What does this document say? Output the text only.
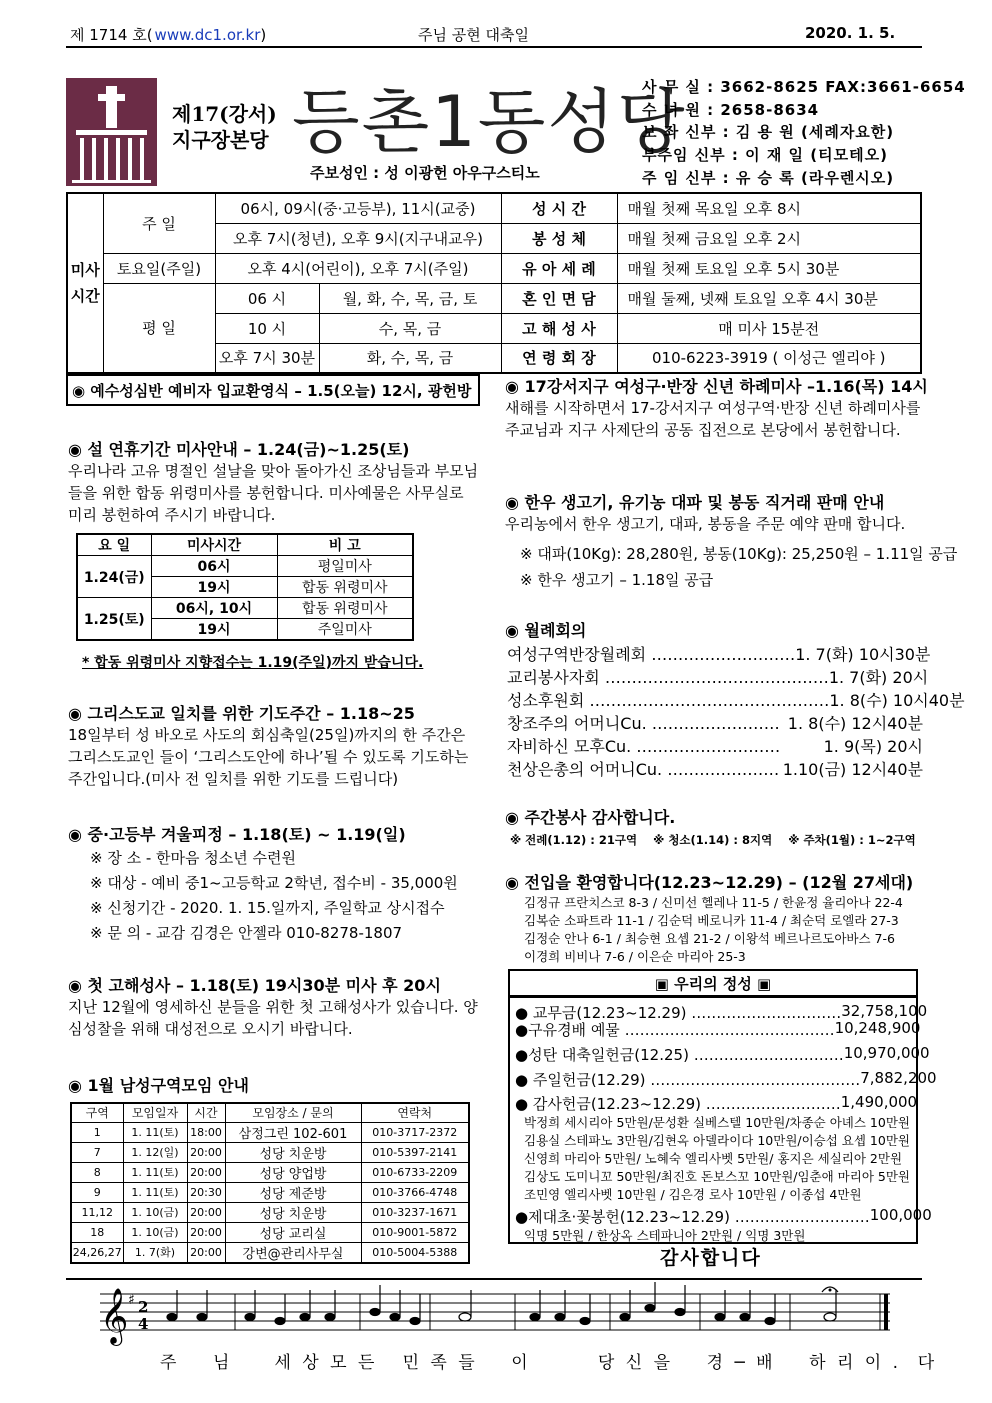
제 1714 호( www.dc1.or.kr)	주님 공현 대축일	2020. 1. 5.
제17(강서)
지구장본당 등촌1동성당
주보성인 : 성 이광헌 아우구스티노
사 무 실 : 3662-8625 FAX:3661-6654
수 녀 원 : 2658-8634
보 좌 신부 : 김 용 원 (세례자요한)
부주임 신부 : 이 재 일 (티모테오)
주 임 신부 : 유 승 록 (라우렌시오)
미사시간	주 일	06시, 09시(중·고등부), 11시(교중)		성 시 간	매월 첫째 목요일 오후 8시
		오후 7시(청년), 오후 9시(지구내교우)		봉 성 체	매월 첫째 금요일 오후 2시
	토요일(주일)	오후 4시(어린이), 오후 7시(주일)		유 아 세 례	매월 첫째 토요일 오후 5시 30분
	평 일	06 시	월, 화, 수, 목, 금, 토	혼 인 면 담	매월 둘째, 넷째 토요일 오후 4시 30분
		10 시	수, 목, 금	고 해 성 사	매 미사 15분전
		오후 7시 30분	화, 수, 목, 금	연 령 회 장	010-6223-3919 ( 이성근 엘리야 )
◉ 예수성심반 예비자 입교환영식 – 1.5(오늘) 12시, 광헌방
◉ 설 연휴기간 미사안내 – 1.24(금)~1.25(토)
우리나라 고유 명절인 설날을 맞아 돌아가신 조상님들과 부모님들을 위한 합동 위령미사를 봉헌합니다. 미사예물은 사무실로 미리 봉헌하여 주시기 바랍니다.
요 일	미사시간	비 고
1.24(금)	06시	평일미사
	19시	합동 위령미사
1.25(토)	06시, 10시	합동 위령미사
	19시	주일미사
* 합동 위령미사 지향접수는 1.19(주일)까지 받습니다.
◉ 그리스도교 일치를 위한 기도주간 – 1.18~25
18일부터 성 바오로 사도의 회심축일(25일)까지의 한 주간은 그리스도교인 들이 ‘그리스도안에 하나’될 수 있도록 기도하는 주간입니다.(미사 전 일치를 위한 기도를 드립니다)
◉ 중·고등부 겨울피정 – 1.18(토) ~ 1.19(일)
※ 장 소 - 한마음 청소년 수련원
※ 대상 - 예비 중1~고등학교 2학년, 접수비 - 35,000원
※ 신청기간 - 2020. 1. 15.일까지, 주일학교 상시접수
※ 문 의 - 교감 김경은 안젤라 010-8278-1807
◉ 첫 고해성사 – 1.18(토) 19시30분 미사 후 20시
지난 12월에 영세하신 분들을 위한 첫 고해성사가 있습니다. 양심성찰을 위해 대성전으로 오시기 바랍니다.
◉ 1월 남성구역모임 안내
구역	모임일자	시간	모임장소 / 문의	연락처
1	1. 11(토)	18:00	삼정그린 102-601	010-3717-2372
7	1. 12(일)	20:00	성당 치운방	010-5397-2141
8	1. 11(토)	20:00	성당 양업방	010-6733-2209
9	1. 11(토)	20:30	성당 제준방	010-3766-4748
11,12	1. 10(금)	20:00	성당 치운방	010-3237-1671
18	1. 10(금)	20:00	성당 교리실	010-9001-5872
24,26,27	1. 7(화)	20:00	강변@관리사무실	010-5004-5388
◉ 17강서지구 여성구·반장 신년 하례미사 –1.16(목) 14시
새해를 시작하면서 17-강서지구 여성구역·반장 신년 하례미사를 주교님과 지구 사제단의 공동 집전으로 본당에서 봉헌합니다.
◉ 한우 생고기, 유기농 대파 및 봉동 직거래 판매 안내
우리농에서 한우 생고기, 대파, 봉동을 주문 예약 판매 합니다.
※ 대파(10Kg): 28,280원, 봉동(10Kg): 25,250원 – 1.11일 공급
※ 한우 생고기 – 1.18일 공급
◉ 월례회의
여성구역반장월례회 ……………………… 1. 7(화) 10시30분
교리봉사자회 …………………………………… 1. 7(화) 20시
성소후원회 ……………………………………… 1. 8(수) 10시40분
창조주의 어머니Cu. …………………… 1. 8(수) 12시40분
자비하신 모후Cu. ………………………	1. 9(목) 20시
천상은총의 어머니Cu. ………………… 1.10(금) 12시40분
◉ 주간봉사 감사합니다.
※ 전례(1.12) : 21구역    ※ 청소(1.14) : 8지역    ※ 주차(1월) : 1~2구역
◉ 전입을 환영합니다(12.23~12.29) – (12월 27세대)
김정규 프란치스코 8-3 / 신미선 헬레나 11-5 / 한윤정 율리아나 22-4
김복순 소파트라 11-1 / 김순덕 베로니카 11-4 / 최순덕 로엘라 27-3
김정순 안나 6-1 / 최승현 요셉 21-2 / 이왕석 베르나르도아바스 7-6
이경희 비비나 7-6 / 이은순 마리아 25-3
▣ 우리의 정성 ▣
● 교무금(12.23~12.29) ………………………… 32,758,100
●구유경배 예물 …………………………………… 10,248,900
●성탄 대축일헌금(12.25) ………………………… 10,970,000
● 주일헌금(12.29) …………………………………… 7,882,200
● 감사헌금(12.23~12.29) ……………………… 1,490,000
박정희 세시리아 5만원/문성환 실베스텔 10만원/차종순 아녜스 10만원
김용실 스테파노 3만원/김현옥 아델라이다 10만원/이승섭 요셉 10만원
신영희 마리아 5만원/ 노혜숙 엘리사벳 5만원/ 홍지은 세실리아 2만원
김상도 도미니꼬 50만원/최진호 돈보스꼬 10만원/임춘애 마리아 5만원
조민영 엘리사벳 10만원 / 김은경 로사 10만원 / 이종섭 4만원
●제대초·꽃봉헌(12.23~12.29) ……………………… 100,000
익명 5만원 / 한상옥 스테파니아 2만원 / 익명 3만원
감사합니다
𝄞 ♯ 2
4
주    님     세 상 모 든   민 족 들    이        당 신 을    경 ─ 배    하 리 이 .  다
